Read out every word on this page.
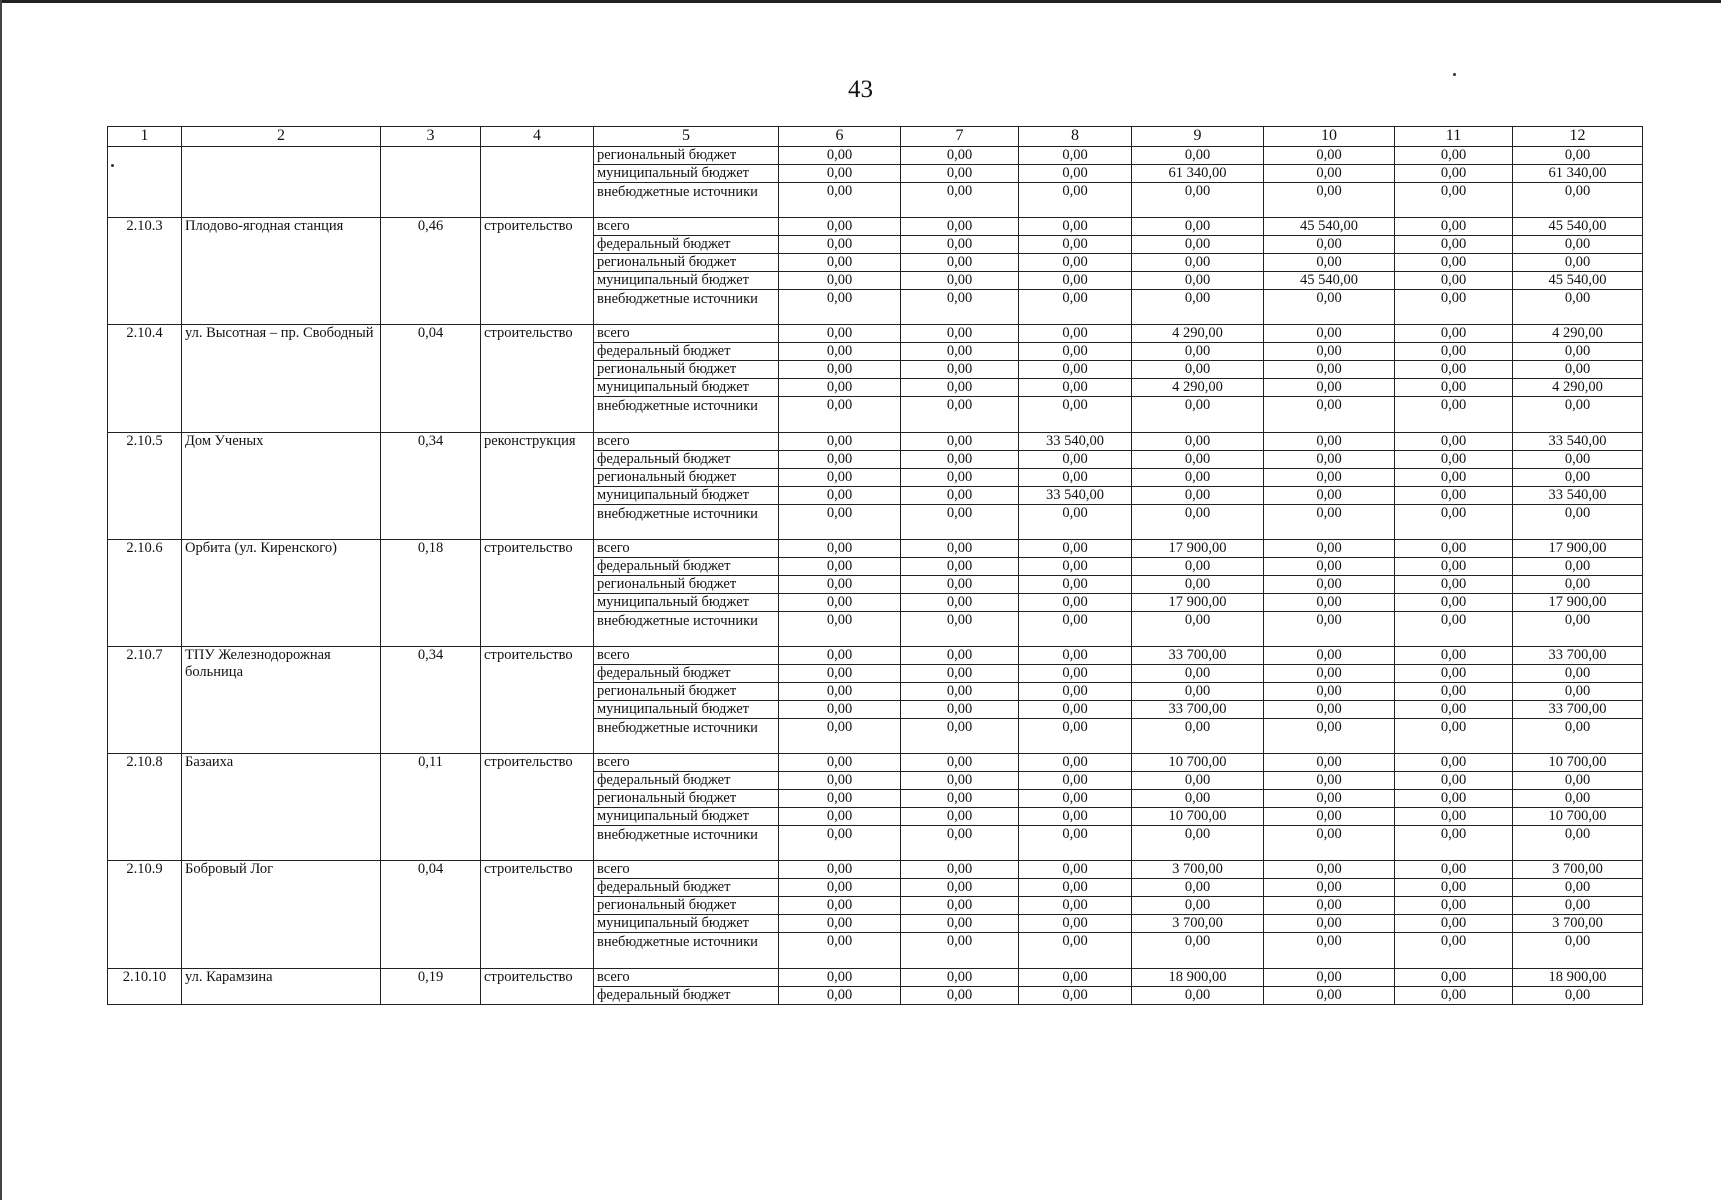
43
1	2	3	4	5	6	7	8	9	10	11	12
				региональный бюджет	0,00	0,00	0,00	0,00	0,00	0,00	0,00
				муниципальный бюджет	0,00	0,00	0,00	61 340,00	0,00	0,00	61 340,00
				внебюджетные источники	0,00	0,00	0,00	0,00	0,00	0,00	0,00
2.10.3	Плодово-ягодная станция	0,46	строительство	всего	0,00	0,00	0,00	0,00	45 540,00	0,00	45 540,00
				федеральный бюджет	0,00	0,00	0,00	0,00	0,00	0,00	0,00
				региональный бюджет	0,00	0,00	0,00	0,00	0,00	0,00	0,00
				муниципальный бюджет	0,00	0,00	0,00	0,00	45 540,00	0,00	45 540,00
				внебюджетные источники	0,00	0,00	0,00	0,00	0,00	0,00	0,00
2.10.4	ул. Высотная – пр. Свободный	0,04	строительство	всего	0,00	0,00	0,00	4 290,00	0,00	0,00	4 290,00
				федеральный бюджет	0,00	0,00	0,00	0,00	0,00	0,00	0,00
				региональный бюджет	0,00	0,00	0,00	0,00	0,00	0,00	0,00
				муниципальный бюджет	0,00	0,00	0,00	4 290,00	0,00	0,00	4 290,00
				внебюджетные источники	0,00	0,00	0,00	0,00	0,00	0,00	0,00
2.10.5	Дом Ученых	0,34	реконструкция	всего	0,00	0,00	33 540,00	0,00	0,00	0,00	33 540,00
				федеральный бюджет	0,00	0,00	0,00	0,00	0,00	0,00	0,00
				региональный бюджет	0,00	0,00	0,00	0,00	0,00	0,00	0,00
				муниципальный бюджет	0,00	0,00	33 540,00	0,00	0,00	0,00	33 540,00
				внебюджетные источники	0,00	0,00	0,00	0,00	0,00	0,00	0,00
2.10.6	Орбита (ул. Киренского)	0,18	строительство	всего	0,00	0,00	0,00	17 900,00	0,00	0,00	17 900,00
				федеральный бюджет	0,00	0,00	0,00	0,00	0,00	0,00	0,00
				региональный бюджет	0,00	0,00	0,00	0,00	0,00	0,00	0,00
				муниципальный бюджет	0,00	0,00	0,00	17 900,00	0,00	0,00	17 900,00
				внебюджетные источники	0,00	0,00	0,00	0,00	0,00	0,00	0,00
2.10.7	ТПУ Железнодорожная больница	0,34	строительство	всего	0,00	0,00	0,00	33 700,00	0,00	0,00	33 700,00
				федеральный бюджет	0,00	0,00	0,00	0,00	0,00	0,00	0,00
				региональный бюджет	0,00	0,00	0,00	0,00	0,00	0,00	0,00
				муниципальный бюджет	0,00	0,00	0,00	33 700,00	0,00	0,00	33 700,00
				внебюджетные источники	0,00	0,00	0,00	0,00	0,00	0,00	0,00
2.10.8	Базаиха	0,11	строительство	всего	0,00	0,00	0,00	10 700,00	0,00	0,00	10 700,00
				федеральный бюджет	0,00	0,00	0,00	0,00	0,00	0,00	0,00
				региональный бюджет	0,00	0,00	0,00	0,00	0,00	0,00	0,00
				муниципальный бюджет	0,00	0,00	0,00	10 700,00	0,00	0,00	10 700,00
				внебюджетные источники	0,00	0,00	0,00	0,00	0,00	0,00	0,00
2.10.9	Бобровый Лог	0,04	строительство	всего	0,00	0,00	0,00	3 700,00	0,00	0,00	3 700,00
				федеральный бюджет	0,00	0,00	0,00	0,00	0,00	0,00	0,00
				региональный бюджет	0,00	0,00	0,00	0,00	0,00	0,00	0,00
				муниципальный бюджет	0,00	0,00	0,00	3 700,00	0,00	0,00	3 700,00
				внебюджетные источники	0,00	0,00	0,00	0,00	0,00	0,00	0,00
2.10.10	ул. Карамзина	0,19	строительство	всего	0,00	0,00	0,00	18 900,00	0,00	0,00	18 900,00
				федеральный бюджет	0,00	0,00	0,00	0,00	0,00	0,00	0,00
